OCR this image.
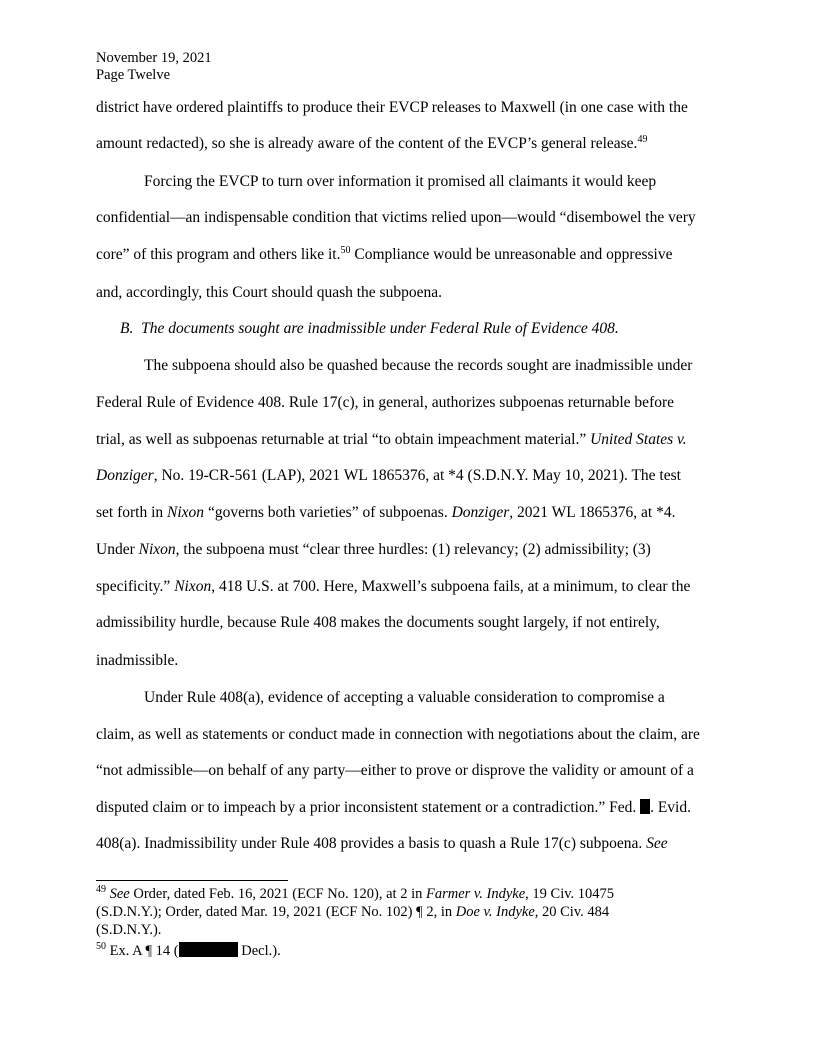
November 19, 2021
Page Twelve
district have ordered plaintiffs to produce their EVCP releases to Maxwell (in one case with the
amount redacted), so she is already aware of the content of the EVCP’s general release.$^{49}$
Forcing the EVCP to turn over information it promised all claimants it would keep
confidential—an indispensable condition that victims relied upon—would “disembowel the very
core” of this program and others like it.$^{50}$ Compliance would be unreasonable and oppressive
and, accordingly, this Court should quash the subpoena.
B. The documents sought are inadmissible under Federal Rule of Evidence 408.
The subpoena should also be quashed because the records sought are inadmissible under
Federal Rule of Evidence 408. Rule 17(c), in general, authorizes subpoenas returnable before
trial, as well as subpoenas returnable at trial “to obtain impeachment material.” United States v.
Donziger, No. 19-CR-561 (LAP), 2021 WL 1865376, at *4 (S.D.N.Y. May 10, 2021). The test
set forth in Nixon “governs both varieties” of subpoenas. Donziger, 2021 WL 1865376, at *4.
Under Nixon, the subpoena must “clear three hurdles: (1) relevancy; (2) admissibility; (3)
specificity.” Nixon, 418 U.S. at 700. Here, Maxwell’s subpoena fails, at a minimum, to clear the
admissibility hurdle, because Rule 408 makes the documents sought largely, if not entirely,
inadmissible.
Under Rule 408(a), evidence of accepting a valuable consideration to compromise a
claim, as well as statements or conduct made in connection with negotiations about the claim, are
“not admissible—on behalf of any party—either to prove or disprove the validity or amount of a
disputed claim or to impeach by a prior inconsistent statement or a contradiction.” Fed. . Evid.
408(a). Inadmissibility under Rule 408 provides a basis to quash a Rule 17(c) subpoena. See
$^{49}$ See Order, dated Feb. 16, 2021 (ECF No. 120), at 2 in Farmer v. Indyke, 19 Civ. 10475
(S.D.N.Y.); Order, dated Mar. 19, 2021 (ECF No. 102) ¶ 2, in Doe v. Indyke, 20 Civ. 484
(S.D.N.Y.).
$^{50}$ Ex. A ¶ 14 (	Decl.).
